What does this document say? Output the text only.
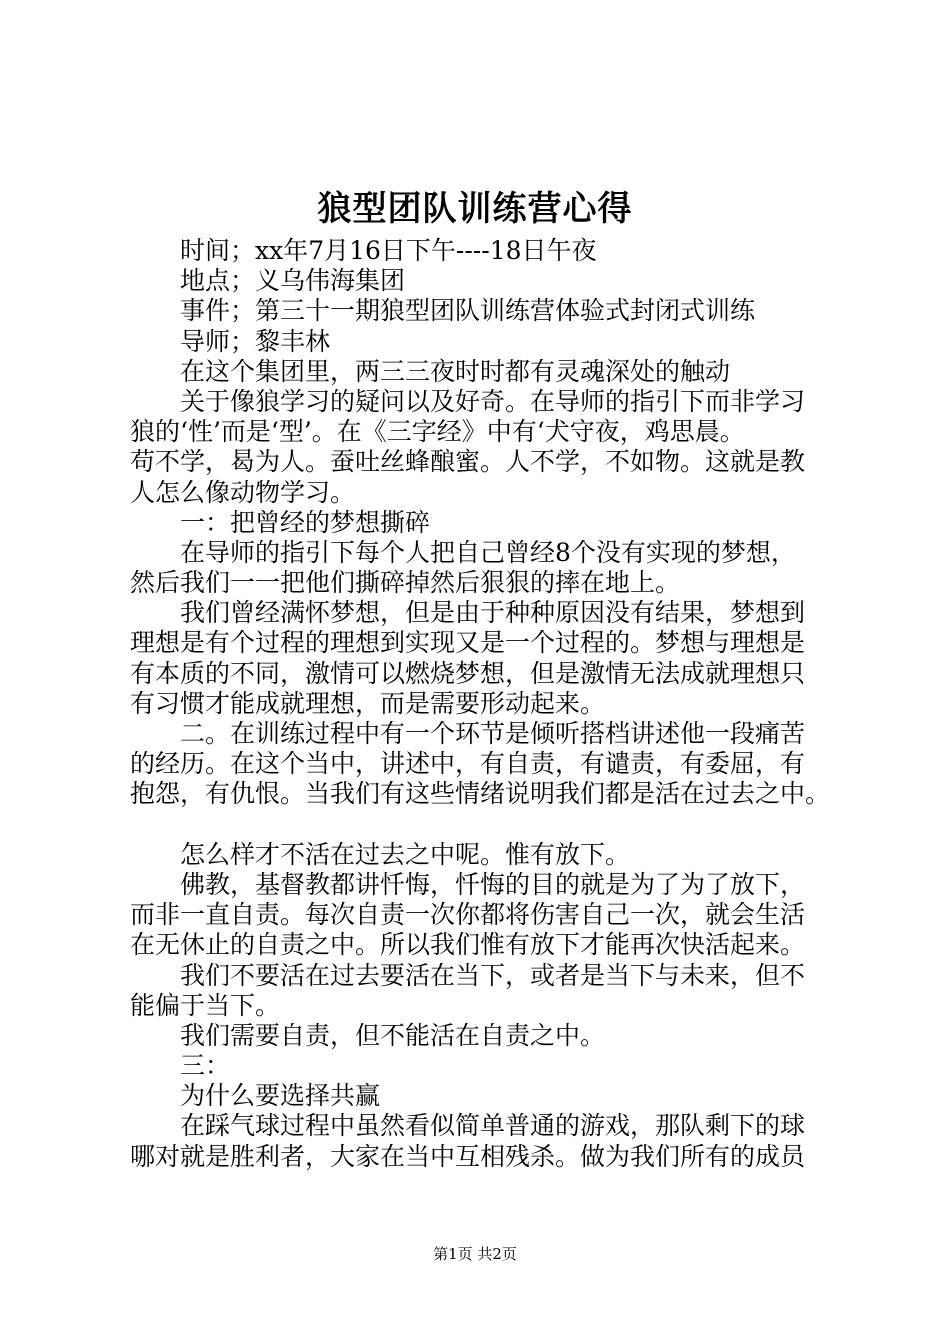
狼型团队训练营心得
时间；xx年7月16日下午----18日午夜
地点；义乌伟海集团
事件；第三十一期狼型团队训练营体验式封闭式训练
导师；黎丰林
在这个集团里，两三三夜时时都有灵魂深处的触动
关于像狼学习的疑问以及好奇。在导师的指引下而非学习
狼的‘性’而是‘型’。在《三字经》中有‘犬守夜，鸡思晨。
苟不学，曷为人。蚕吐丝蜂酿蜜。人不学，不如物。这就是教
人怎么像动物学习。
一：把曾经的梦想撕碎
在导师的指引下每个人把自己曾经8个没有实现的梦想，
然后我们一一把他们撕碎掉然后狠狠的摔在地上。
我们曾经满怀梦想，但是由于种种原因没有结果，梦想到
理想是有个过程的理想到实现又是一个过程的。梦想与理想是
有本质的不同，激情可以燃烧梦想，但是激情无法成就理想只
有习惯才能成就理想，而是需要形动起来。
二。在训练过程中有一个环节是倾听搭档讲述他一段痛苦
的经历。在这个当中，讲述中，有自责，有谴责，有委屈，有
抱怨，有仇恨。当我们有这些情绪说明我们都是活在过去之中。
怎么样才不活在过去之中呢。惟有放下。
佛教，基督教都讲忏悔，忏悔的目的就是为了为了放下，
而非一直自责。每次自责一次你都将伤害自己一次，就会生活
在无休止的自责之中。所以我们惟有放下才能再次快活起来。
我们不要活在过去要活在当下，或者是当下与未来，但不
能偏于当下。
我们需要自责，但不能活在自责之中。
三：
为什么要选择共赢
在踩气球过程中虽然看似简单普通的游戏，那队剩下的球
哪对就是胜利者，大家在当中互相残杀。做为我们所有的成员
第1页 共2页
